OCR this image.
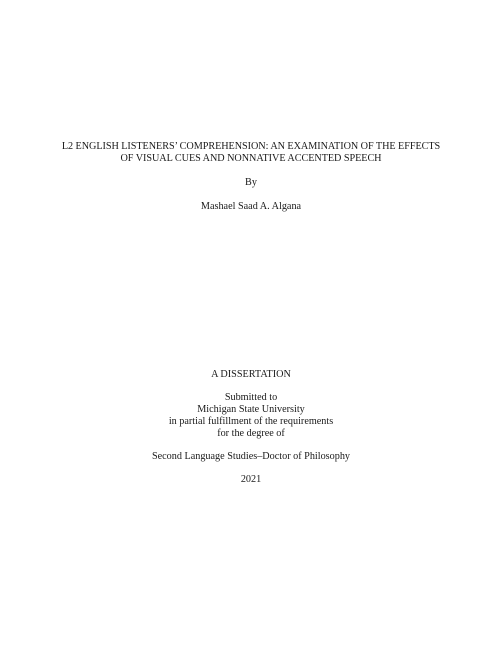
L2 ENGLISH LISTENERS’ COMPREHENSION: AN EXAMINATION OF THE EFFECTS
OF VISUAL CUES AND NONNATIVE ACCENTED SPEECH
By
Mashael Saad A. Algana
A DISSERTATION
Submitted to
Michigan State University
in partial fulfillment of the requirements
for the degree of
Second Language Studies–Doctor of Philosophy
2021
